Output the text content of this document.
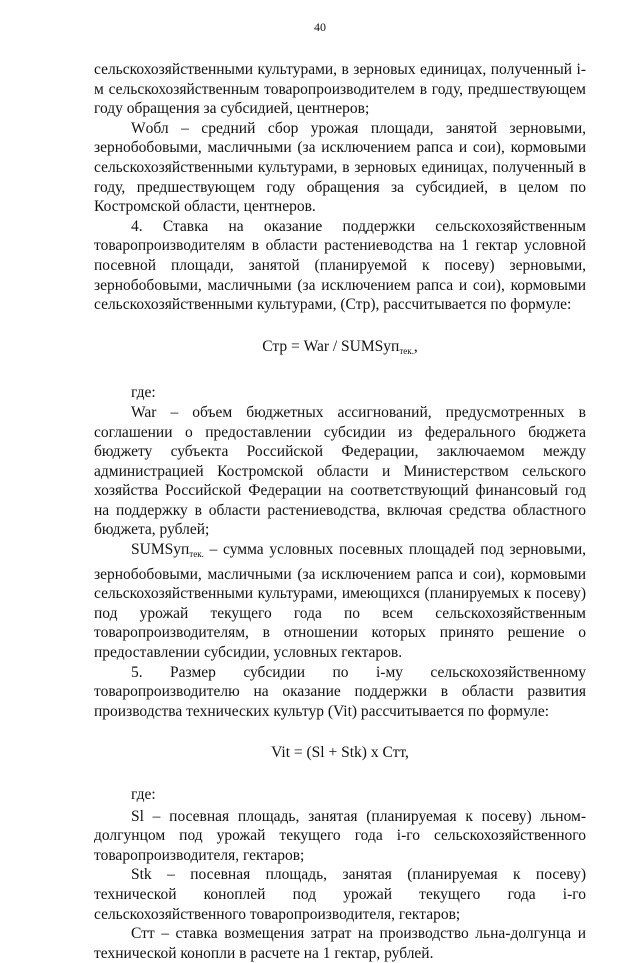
40

сельскохозяйственными культурами, в зерновых единицах, полученный i-м сельскохозяйственным товаропроизводителем в году, предшествующем году обращения за субсидией, центнеров;

Wобл – средний сбор урожая площади, занятой зерновыми, зернобобовыми, масличными (за исключением рапса и сои), кормовыми сельскохозяйственными культурами, в зерновых единицах, полученный в году, предшествующем году обращения за субсидией, в целом по Костромской области, центнеров.

4. Ставка на оказание поддержки сельскохозяйственным товаропроизводителям в области растениеводства на 1 гектар условной посевной площади, занятой (планируемой к посеву) зерновыми, зернобобовыми, масличными (за исключением рапса и сои), кормовыми сельскохозяйственными культурами, (Стр), рассчитывается по формуле:

Стр = War / SUMSуп$_{тек.}$,

где:

War – объем бюджетных ассигнований, предусмотренных в соглашении о предоставлении субсидии из федерального бюджета бюджету субъекта Российской Федерации, заключаемом между администрацией Костромской области и Министерством сельского хозяйства Российской Федерации на соответствующий финансовый год на поддержку в области растениеводства, включая средства областного бюджета, рублей;

SUMSуп$_{тек.}$ – сумма условных посевных площадей под зерновыми, зернобобовыми, масличными (за исключением рапса и сои), кормовыми сельскохозяйственными культурами, имеющихся (планируемых к посеву) под урожай текущего года по всем сельскохозяйственным товаропроизводителям, в отношении которых принято решение о предоставлении субсидии, условных гектаров.

5. Размер субсидии по i-му сельскохозяйственному товаропроизводителю на оказание поддержки в области развития производства технических культур (Vit) рассчитывается по формуле:

Vit = (Sl + Stk) x Стт,

где:

Sl – посевная площадь, занятая (планируемая к посеву) льном-долгунцом под урожай текущего года i-го сельскохозяйственного товаропроизводителя, гектаров;

Stk – посевная площадь, занятая (планируемая к посеву) технической коноплей под урожай текущего года i-го сельскохозяйственного товаропроизводителя, гектаров;

Стт – ставка возмещения затрат на производство льна-долгунца и технической конопли в расчете на 1 гектар, рублей.
